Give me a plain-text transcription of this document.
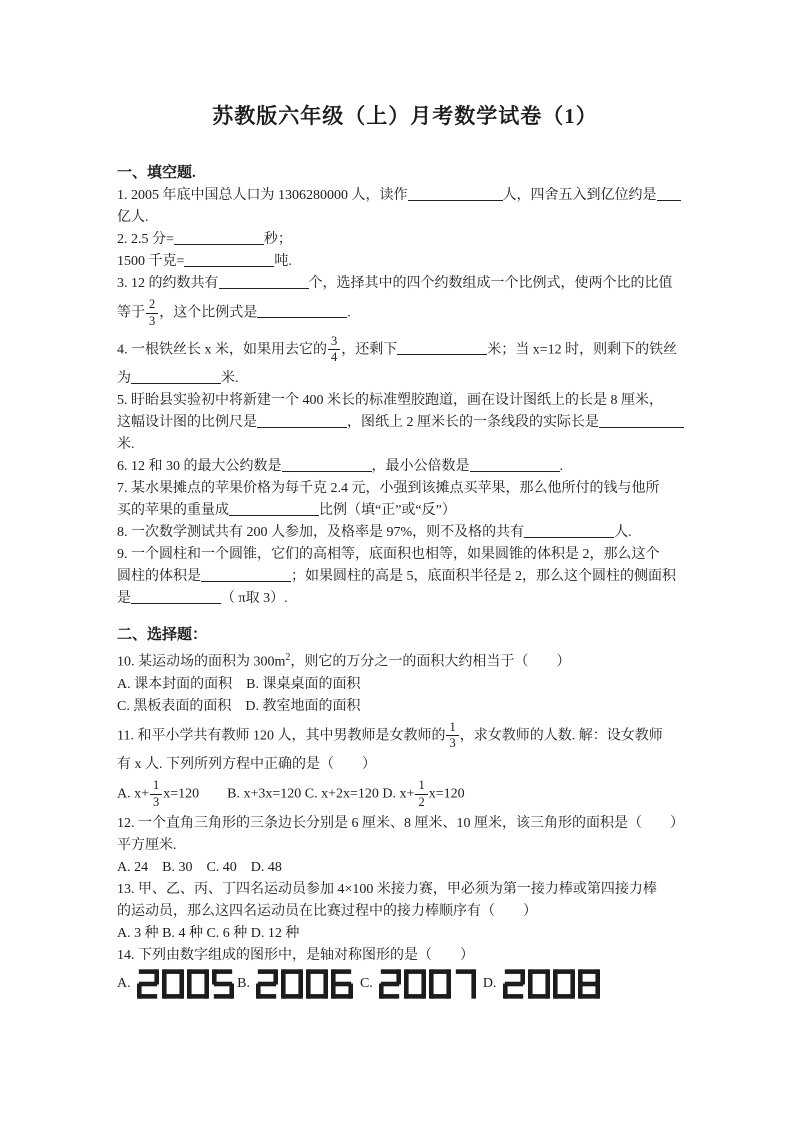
苏教版六年级（上）月考数学试卷（1）
一、填空题.
1. 2005 年底中国总人口为 1306280000 人，读作	人，四舍五入到亿位约是
亿人.
2. 2.5 分=	秒；
1500 千克=	吨.
3. 12 的约数共有	个，选择其中的四个约数组成一个比例式，使两个比的比值
等于 $\frac{2}{3}$ ，这个比例式是	.
4. 一根铁丝长 x 米，如果用去它的 $\frac{3}{4}$ ，还剩下	米；当 x=12 时，则剩下的铁丝
为	米.
5. 盱眙县实验初中将新建一个 400 米长的标准塑胶跑道，画在设计图纸上的长是 8 厘米，
这幅设计图的比例尺是	，图纸上 2 厘米长的一条线段的实际长是
米.
6. 12 和 30 的最大公约数是	，最小公倍数是	.
7. 某水果摊点的苹果价格为每千克 2.4 元，小强到该摊点买苹果，那么他所付的钱与他所
买的苹果的重量成	比例（填“正”或“反”）
8. 一次数学测试共有 200 人参加，及格率是 97%，则不及格的共有	人.
9. 一个圆柱和一个圆锥，它们的高相等，底面积也相等，如果圆锥的体积是 2，那么这个
圆柱的体积是	；如果圆柱的高是 5，底面积半径是 2，那么这个圆柱的侧面积
是	（ π取 3）.
二、选择题：
10. 某运动场的面积为 $300m^2$，则它的万分之一的面积大约相当于（　　）
A. 课本封面的面积　B. 课桌桌面的面积
C. 黑板表面的面积　D. 教室地面的面积
11. 和平小学共有教师 120 人，其中男教师是女教师的 $\frac{1}{3}$ ，求女教师的人数. 解：设女教师
有 x 人. 下列所列方程中正确的是（　　）
A. $x+ \frac{1}{3} x=120$　　B. x+3x=120 C. x+2x=120 D. $x+ \frac{1}{2} x=120$
12. 一个直角三角形的三条边长分别是 6 厘米、8 厘米、10 厘米，该三角形的面积是（　　）
平方厘米.
A. 24　B. 30　C. 40　D. 48
13. 甲、乙、丙、丁四名运动员参加 4×100 米接力赛，甲必须为第一接力棒或第四接力棒
的运动员，那么这四名运动员在比赛过程中的接力棒顺序有（　　）
A. 3 种 B. 4 种 C. 6 种 D. 12 种
14. 下列由数字组成的图形中，是轴对称图形的是（　　）
A.	B.	C.	D.
